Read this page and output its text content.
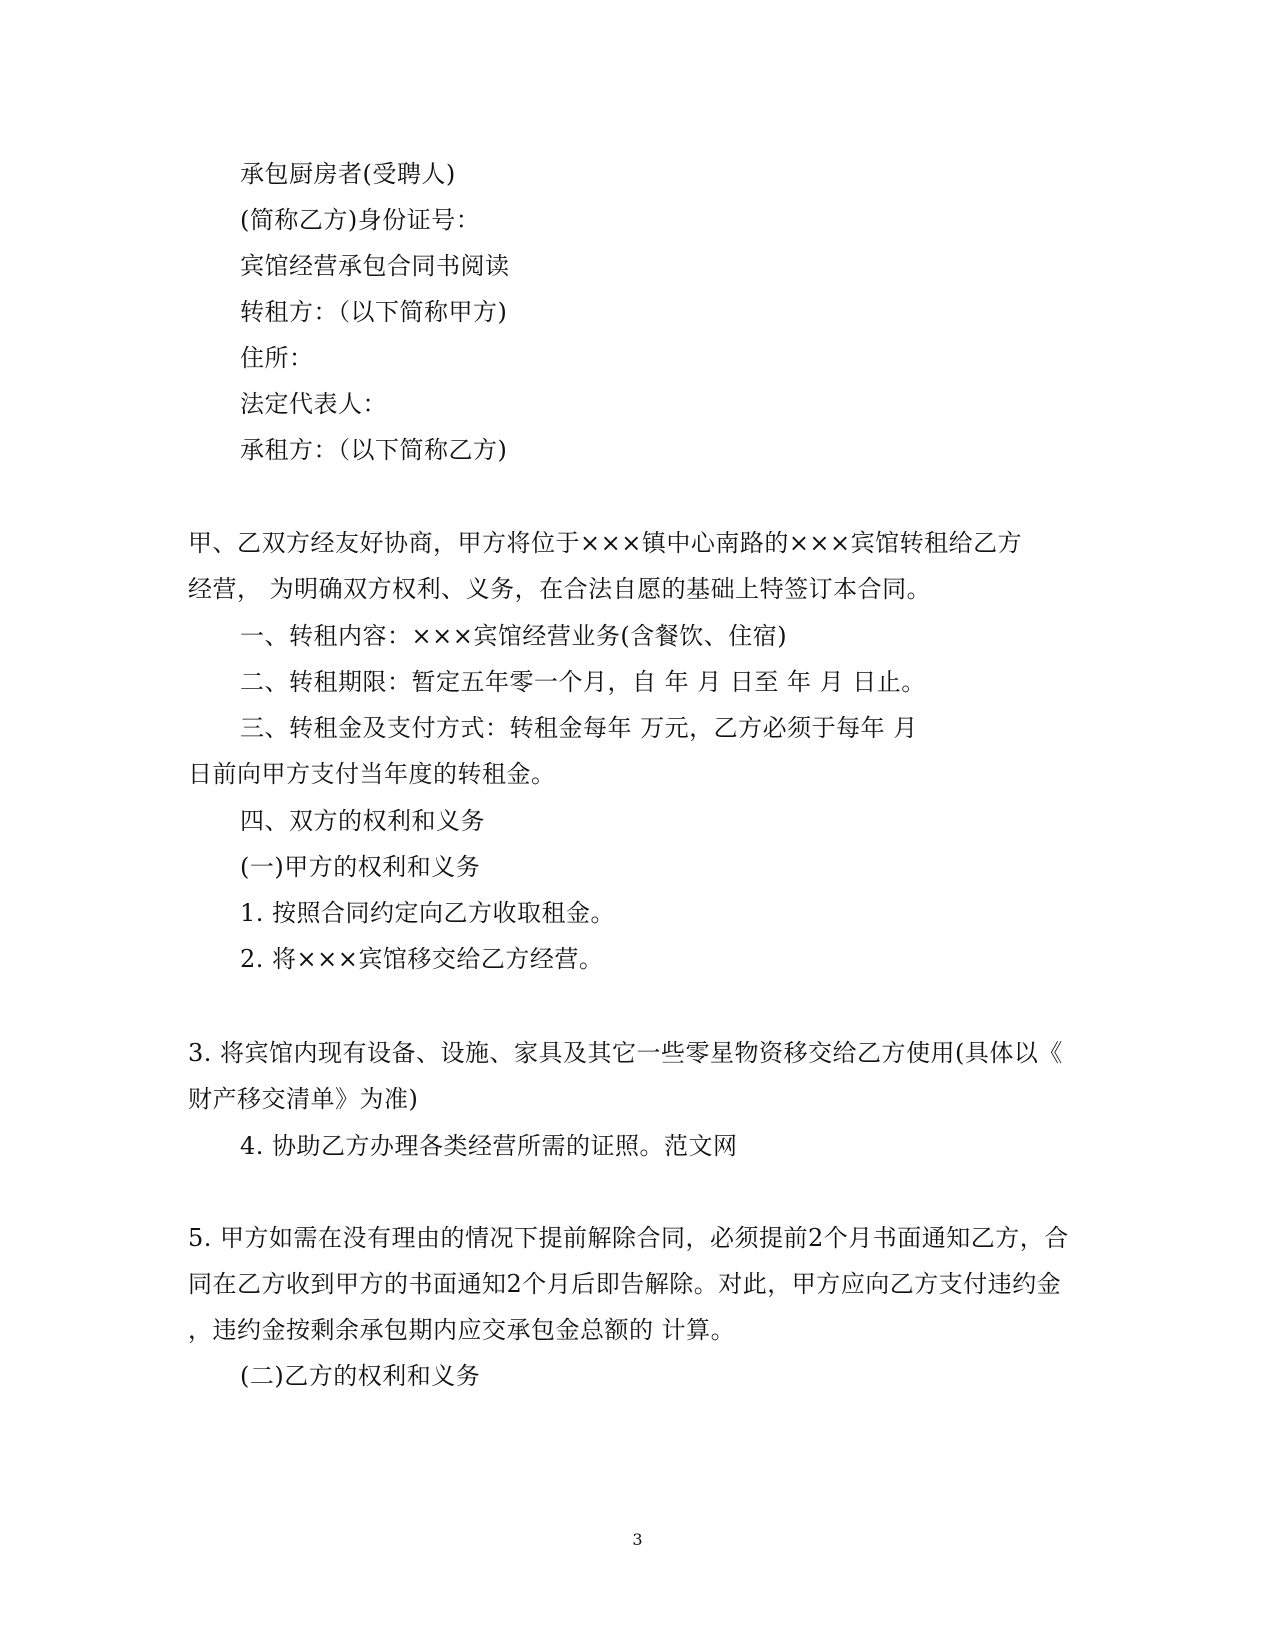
承包厨房者(受聘人)
(简称乙方)身份证号：
宾馆经营承包合同书阅读
转租方：（以下简称甲方)
住所：
法定代表人：
承租方：（以下简称乙方)
甲、乙双方经友好协商，甲方将位于×××镇中心南路的×××宾馆转租给乙方
经营， 为明确双方权利、义务，在合法自愿的基础上特签订本合同。
一、转租内容：×××宾馆经营业务(含餐饮、住宿)
二、转租期限：暂定五年零一个月，自 年 月 日至 年 月 日止。
三、转租金及支付方式：转租金每年 万元，乙方必须于每年 月
日前向甲方支付当年度的转租金。
四、双方的权利和义务
(一)甲方的权利和义务
1. 按照合同约定向乙方收取租金。
2. 将×××宾馆移交给乙方经营。
3. 将宾馆内现有设备、设施、家具及其它一些零星物资移交给乙方使用(具体以《
财产移交清单》为准)
4. 协助乙方办理各类经营所需的证照。范文网
5. 甲方如需在没有理由的情况下提前解除合同，必须提前2个月书面通知乙方，合
同在乙方收到甲方的书面通知2个月后即告解除。对此，甲方应向乙方支付违约金
，违约金按剩余承包期内应交承包金总额的 计算。
(二)乙方的权利和义务
3
